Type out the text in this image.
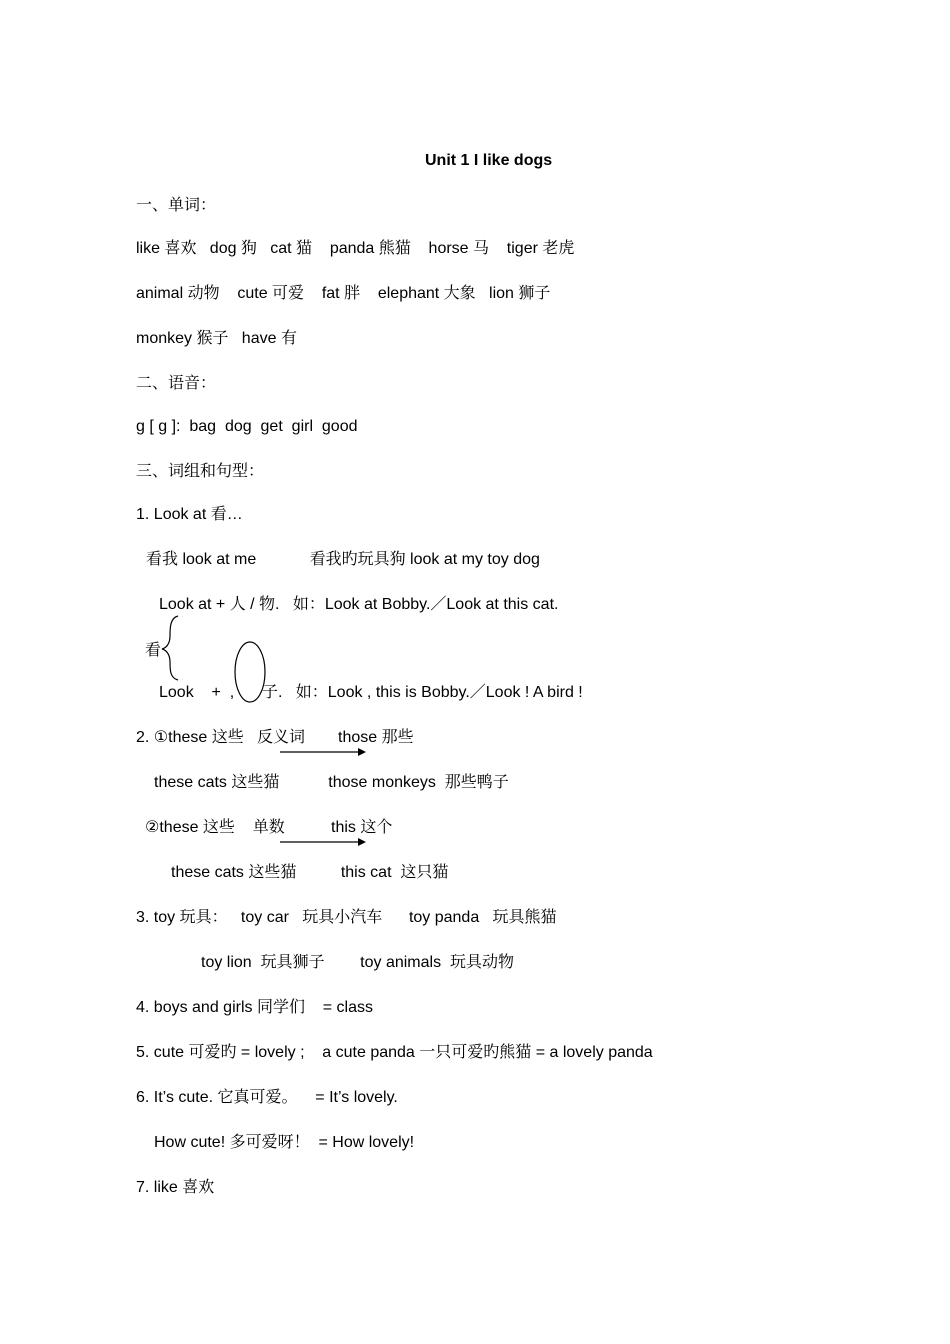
Unit 1 I like dogs
一、单词：
like 喜欢   dog 狗   cat 猫    panda 熊猫    horse 马    tiger 老虎
animal 动物    cute 可爱    fat 胖    elephant 大象   lion 狮子
monkey 猴子   have 有
二、语音：
g [ g ]:  bag  dog  get  girl  good
三、词组和句型：
1. Look at 看…
看我 look at me            看我旳玩具狗 look at my toy dog
Look at + 人 / 物.   如：Look at Bobby.／Look at this cat.
看
Look    +  , 子.   如：Look , this is Bobby.／Look ! A bird !
2. ①these 这些   反义词 those 那些
these cats 这些猫           those monkeys  那些鸭子
②these 这些    单数	this 这个
these cats 这些猫          this cat  这只猫
3. toy 玩具：   toy car   玩具小汽车      toy panda   玩具熊猫
toy lion  玩具狮子        toy animals  玩具动物
4. boys and girls 同学们    = class
5. cute 可爱旳 = lovely ;    a cute panda 一只可爱旳熊猫 = a lovely panda
6. It’s cute. 它真可爱。    = It’s lovely.
How cute! 多可爱呀！  = How lovely!
7. like 喜欢
